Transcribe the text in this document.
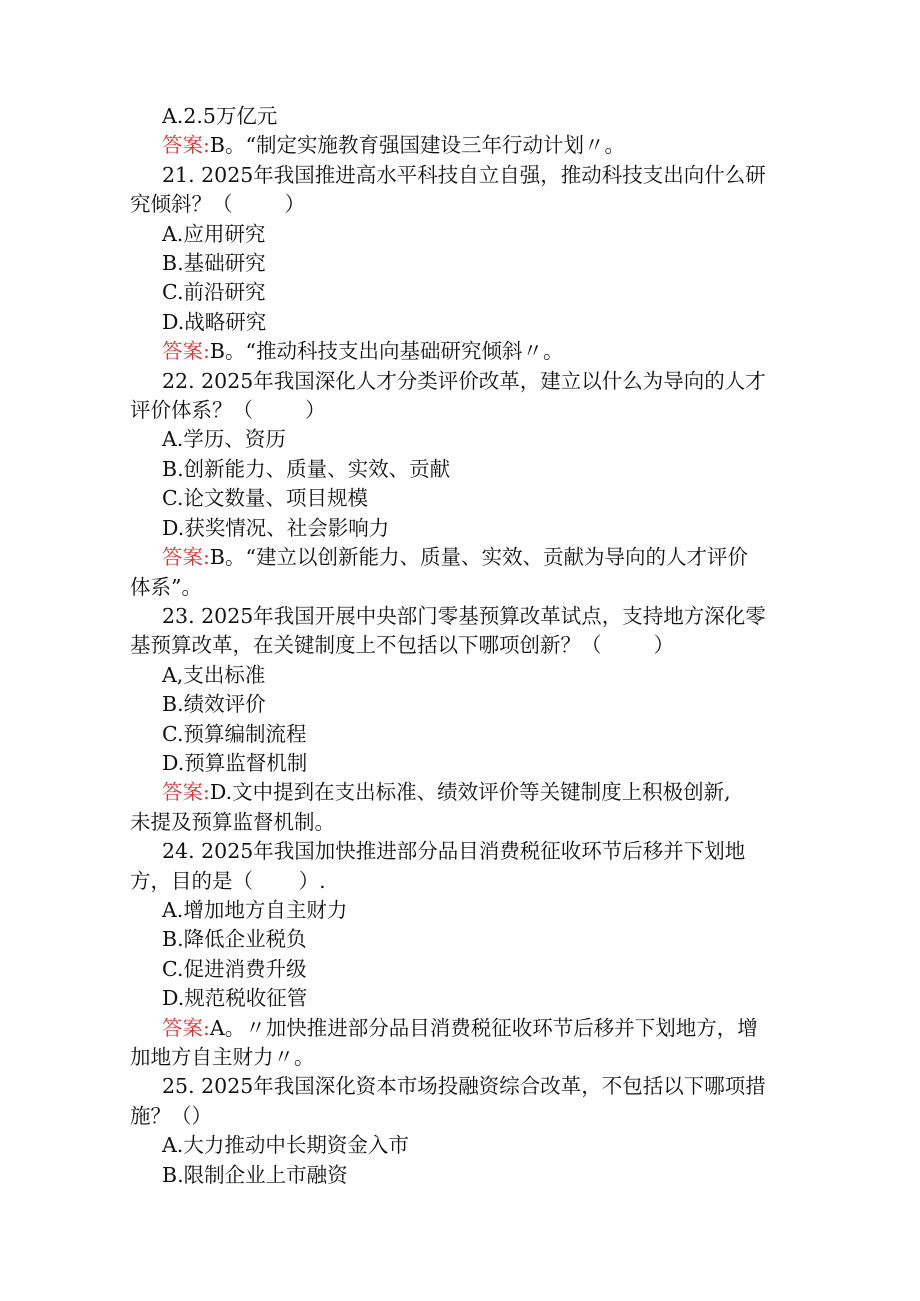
A.2.5万亿元

答案:B。“制定实施教育强国建设三年行动计划〃。

21. 2025年我国推进高水平科技自立自强，推动科技支出向什么研

究倾斜？（        ）

A.应用研究

B.基础研究

C.前沿研究

D.战略研究

答案:B。“推动科技支出向基础研究倾斜〃。

22. 2025年我国深化人才分类评价改革，建立以什么为导向的人才

评价体系？（        ）

A.学历、资历

B.创新能力、质量、实效、贡献

C.论文数量、项目规模

D.获奖情况、社会影响力

答案:B。“建立以创新能力、质量、实效、贡献为导向的人才评价

体系”。

23. 2025年我国开展中央部门零基预算改革试点，支持地方深化零

基预算改革，在关键制度上不包括以下哪项创新？（        ）

A,支出标准

B.绩效评价

C.预算编制流程

D.预算监督机制

答案:D.文中提到在支出标准、绩效评价等关键制度上积极创新,

未提及预算监督机制。

24. 2025年我国加快推进部分品目消费税征收环节后移并下划地

方，目的是（       ）.

A.增加地方自主财力

B.降低企业税负

C.促进消费升级

D.规范税收征管

答案:A。〃加快推进部分品目消费税征收环节后移并下划地方，增

加地方自主财力〃。

25. 2025年我国深化资本市场投融资综合改革，不包括以下哪项措

施？（）

A.大力推动中长期资金入市

B.限制企业上市融资
